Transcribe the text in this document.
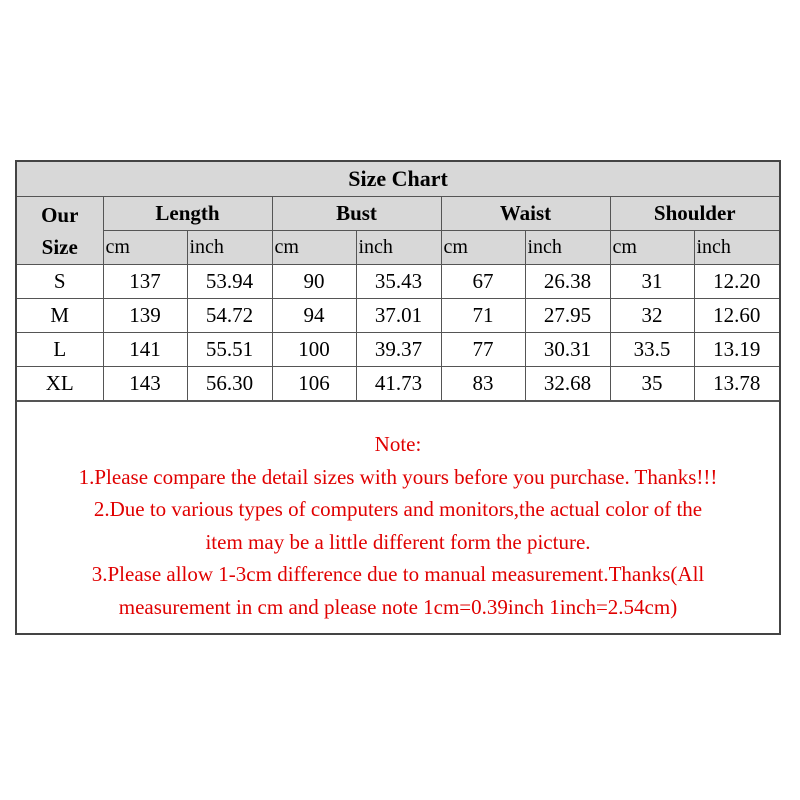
Size Chart								

Our
Size	Length		Bust		Waist		Shoulder	
	cm	inch	cm	inch	cm	inch	cm	inch
S	137	53.94	90	35.43	67	26.38	31	12.20
M	139	54.72	94	37.01	71	27.95	32	12.60
L	141	55.51	100	39.37	77	30.31	33.5	13.19
XL	143	56.30	106	41.73	83	32.68	35	13.78
Note:
1.Please compare the detail sizes with yours before you purchase. Thanks!!!
2.Due to various types of computers and monitors,the actual color of the
item may be a little different form the picture.
3.Please allow 1-3cm difference due to manual measurement.Thanks(All
measurement in cm and please note 1cm=0.39inch 1inch=2.54cm)
